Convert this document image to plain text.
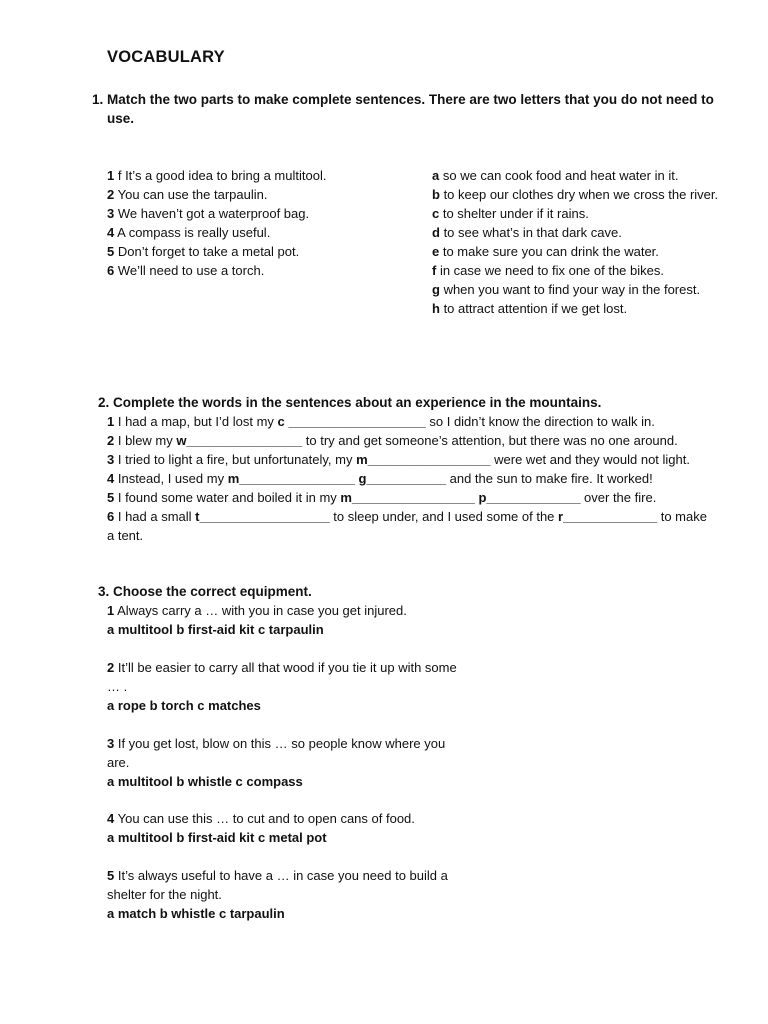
VOCABULARY
1. Match the two parts to make complete sentences. There are two letters that you do not need to use.
1 f It’s a good idea to bring a multitool.
2 You can use the tarpaulin.
3 We haven’t got a waterproof bag.
4 A compass is really useful.
5 Don’t forget to take a metal pot.
6 We’ll need to use a torch.
a so we can cook food and heat water in it.
b to keep our clothes dry when we cross the river.
c to shelter under if it rains.
d to see what’s in that dark cave.
e to make sure you can drink the water.
f in case we need to fix one of the bikes.
g when you want to find your way in the forest.
h to attract attention if we get lost.
2. Complete the words in the sentences about an experience in the mountains.
1 I had a map, but I’d lost my c ___________________ so I didn’t know the direction to walk in.
2 I blew my w________________ to try and get someone’s attention, but there was no one around.
3 I tried to light a fire, but unfortunately, my m_________________ were wet and they would not light.
4 Instead, I used my m________________ g___________ and the sun to make fire. It worked!
5 I found some water and boiled it in my m_________________ p_____________ over the fire.
6 I had a small t__________________ to sleep under, and I used some of the r_____________ to make a tent.
3. Choose the correct equipment.
1 Always carry a … with you in case you get injured.
a multitool b first-aid kit c tarpaulin
2 It’ll be easier to carry all that wood if you tie it up with some … .
a rope b torch c matches
3 If you get lost, blow on this … so people know where you are.
a multitool b whistle c compass
4 You can use this … to cut and to open cans of food.
a multitool b first-aid kit c metal pot
5 It’s always useful to have a … in case you need to build a shelter for the night.
a match b whistle c tarpaulin
